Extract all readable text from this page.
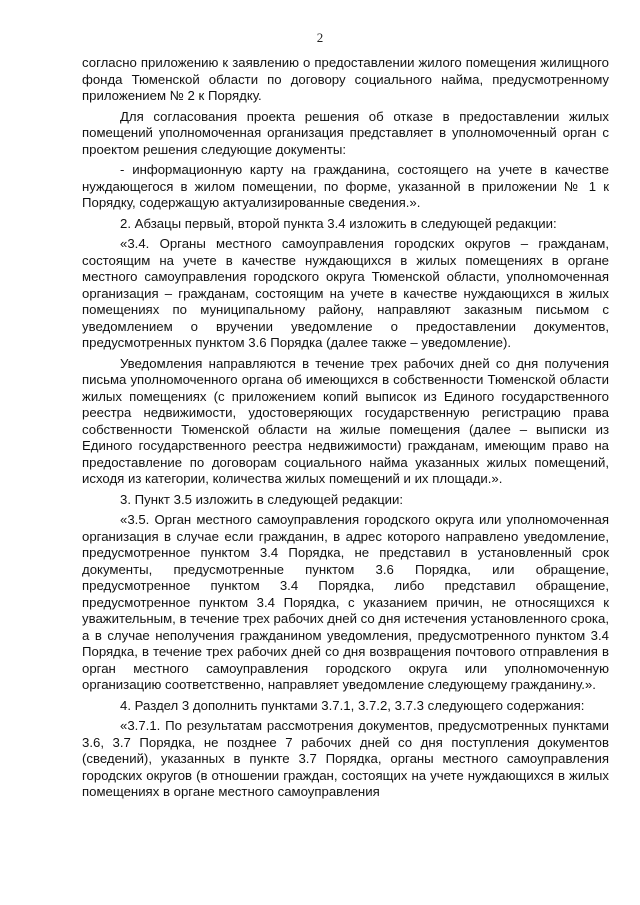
2

согласно приложению к заявлению о предоставлении жилого помещения жилищного фонда Тюменской области по договору социального найма, предусмотренному приложением № 2 к Порядку.

Для согласования проекта решения об отказе в предоставлении жилых помещений уполномоченная организация представляет в уполномоченный орган с проектом решения следующие документы:

- информационную карту на гражданина, состоящего на учете в качестве нуждающегося в жилом помещении, по форме, указанной в приложении № 1 к Порядку, содержащую актуализированные сведения.».

2. Абзацы первый, второй пункта 3.4 изложить в следующей редакции:

«3.4. Органы местного самоуправления городских округов – гражданам, состоящим на учете в качестве нуждающихся в жилых помещениях в органе местного самоуправления городского округа Тюменской области, уполномоченная организация – гражданам, состоящим на учете в качестве нуждающихся в жилых помещениях по муниципальному району, направляют заказным письмом с уведомлением о вручении уведомление о предоставлении документов, предусмотренных пунктом 3.6 Порядка (далее также – уведомление).

Уведомления направляются в течение трех рабочих дней со дня получения письма уполномоченного органа об имеющихся в собственности Тюменской области жилых помещениях (с приложением копий выписок из Единого государственного реестра недвижимости, удостоверяющих государственную регистрацию права собственности Тюменской области на жилые помещения (далее – выписки из Единого государственного реестра недвижимости) гражданам, имеющим право на предоставление по договорам социального найма указанных жилых помещений, исходя из категории, количества жилых помещений и их площади.».

3. Пункт 3.5 изложить в следующей редакции:

«3.5. Орган местного самоуправления городского округа или уполномоченная организация в случае если гражданин, в адрес которого направлено уведомление, предусмотренное пунктом 3.4 Порядка, не представил в установленный срок документы, предусмотренные пунктом 3.6 Порядка, или обращение, предусмотренное пунктом 3.4 Порядка, либо представил обращение, предусмотренное пунктом 3.4 Порядка, с указанием причин, не относящихся к уважительным, в течение трех рабочих дней со дня истечения установленного срока, а в случае неполучения гражданином уведомления, предусмотренного пунктом 3.4 Порядка, в течение трех рабочих дней со дня возвращения почтового отправления в орган местного самоуправления городского округа или уполномоченную организацию соответственно, направляет уведомление следующему гражданину.».

4. Раздел 3 дополнить пунктами 3.7.1, 3.7.2, 3.7.3 следующего содержания:

«3.7.1. По результатам рассмотрения документов, предусмотренных пунктами 3.6, 3.7 Порядка, не позднее 7 рабочих дней со дня поступления документов (сведений), указанных в пункте 3.7 Порядка, органы местного самоуправления городских округов (в отношении граждан, состоящих на учете нуждающихся в жилых помещениях в органе местного самоуправления
